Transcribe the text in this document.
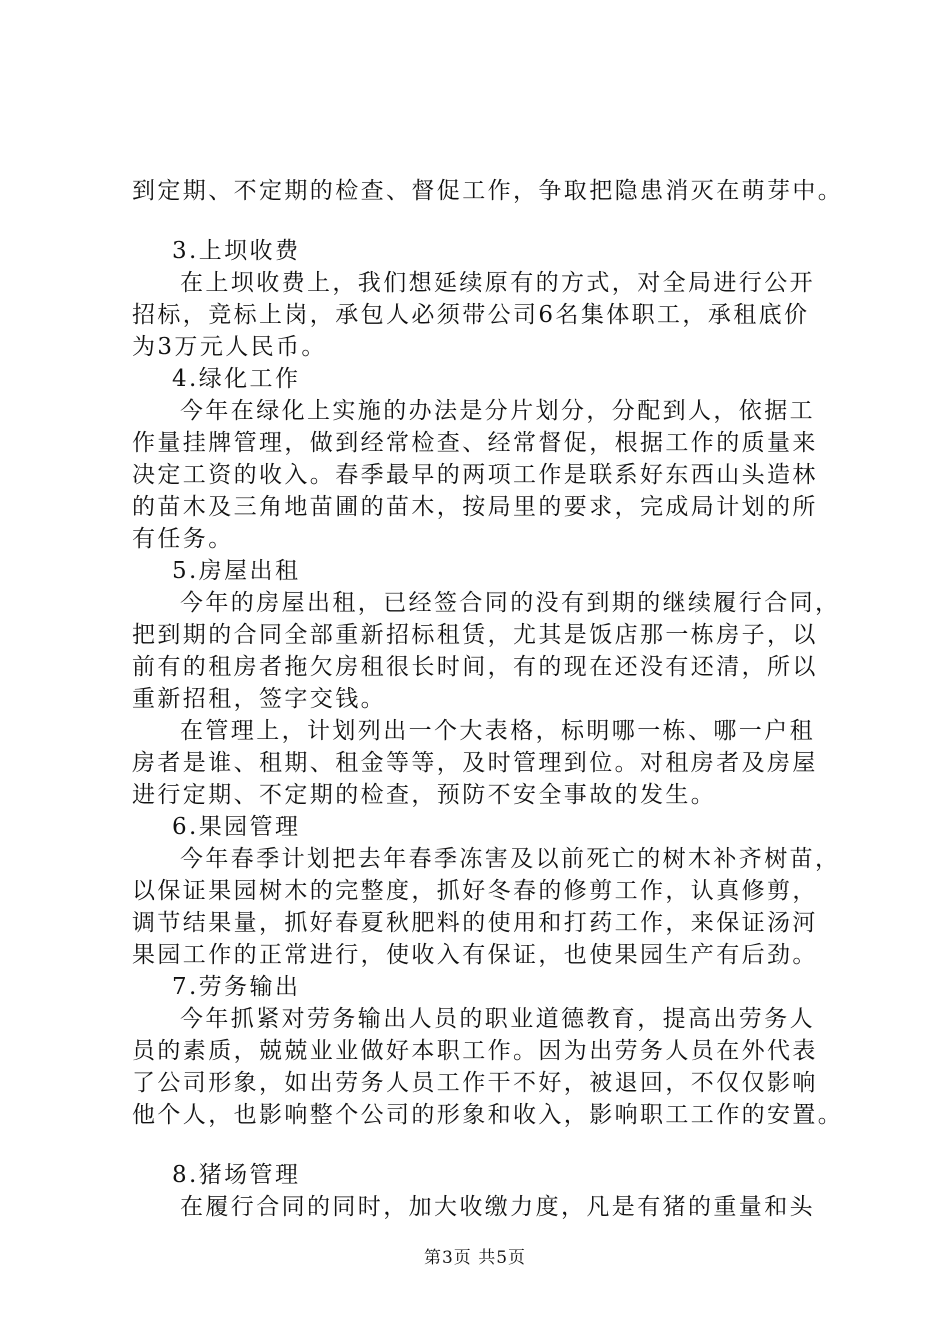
到定期、不定期的检查、督促工作，争取把隐患消灭在萌芽中。
3.上坝收费
在上坝收费上，我们想延续原有的方式，对全局进行公开
招标，竞标上岗，承包人必须带公司6名集体职工，承租底价
为3万元人民币。
4.绿化工作
今年在绿化上实施的办法是分片划分，分配到人，依据工
作量挂牌管理，做到经常检查、经常督促，根据工作的质量来
决定工资的收入。春季最早的两项工作是联系好东西山头造林
的苗木及三角地苗圃的苗木，按局里的要求，完成局计划的所
有任务。
5.房屋出租
今年的房屋出租，已经签合同的没有到期的继续履行合同，
把到期的合同全部重新招标租赁，尤其是饭店那一栋房子，以
前有的租房者拖欠房租很长时间，有的现在还没有还清，所以
重新招租，签字交钱。
在管理上，计划列出一个大表格，标明哪一栋、哪一户租
房者是谁、租期、租金等等，及时管理到位。对租房者及房屋
进行定期、不定期的检查，预防不安全事故的发生。
6.果园管理
今年春季计划把去年春季冻害及以前死亡的树木补齐树苗，
以保证果园树木的完整度，抓好冬春的修剪工作，认真修剪，
调节结果量，抓好春夏秋肥料的使用和打药工作，来保证汤河
果园工作的正常进行，使收入有保证，也使果园生产有后劲。
7.劳务输出
今年抓紧对劳务输出人员的职业道德教育，提高出劳务人
员的素质，兢兢业业做好本职工作。因为出劳务人员在外代表
了公司形象，如出劳务人员工作干不好，被退回，不仅仅影响
他个人，也影响整个公司的形象和收入，影响职工工作的安置。
8.猪场管理
在履行合同的同时，加大收缴力度，凡是有猪的重量和头
第3页 共5页
